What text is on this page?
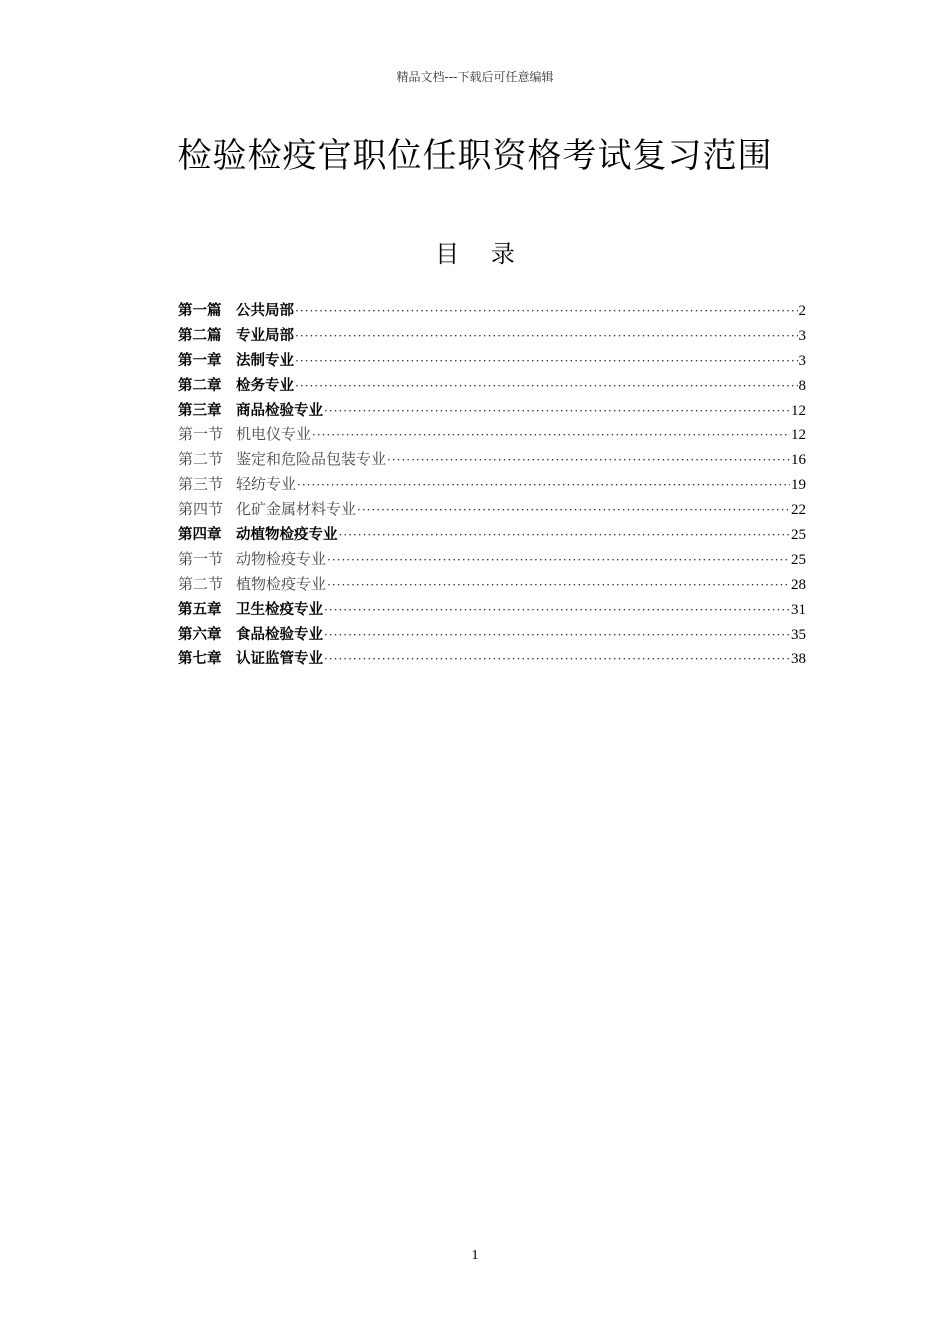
精品文档---下载后可任意编辑
检验检疫官职位任职资格考试复习范围
目 录
第一篇 公共局部 ·····	2
第二篇 专业局部 ·····	3
第一章 法制专业 ·····	3
第二章 检务专业 ·····	8
第三章 商品检验专业 ·····	12
第一节 机电仪专业 ·····	12
第二节 鉴定和危险品包装专业 ·····	16
第三节 轻纺专业 ·····	19
第四节 化矿金属材料专业 ·····	22
第四章 动植物检疫专业 ·····	25
第一节 动物检疫专业 ·····	25
第二节 植物检疫专业 ·····	28
第五章 卫生检疫专业 ·····	31
第六章 食品检验专业 ·····	35
第七章 认证监管专业 ·····	38
1
